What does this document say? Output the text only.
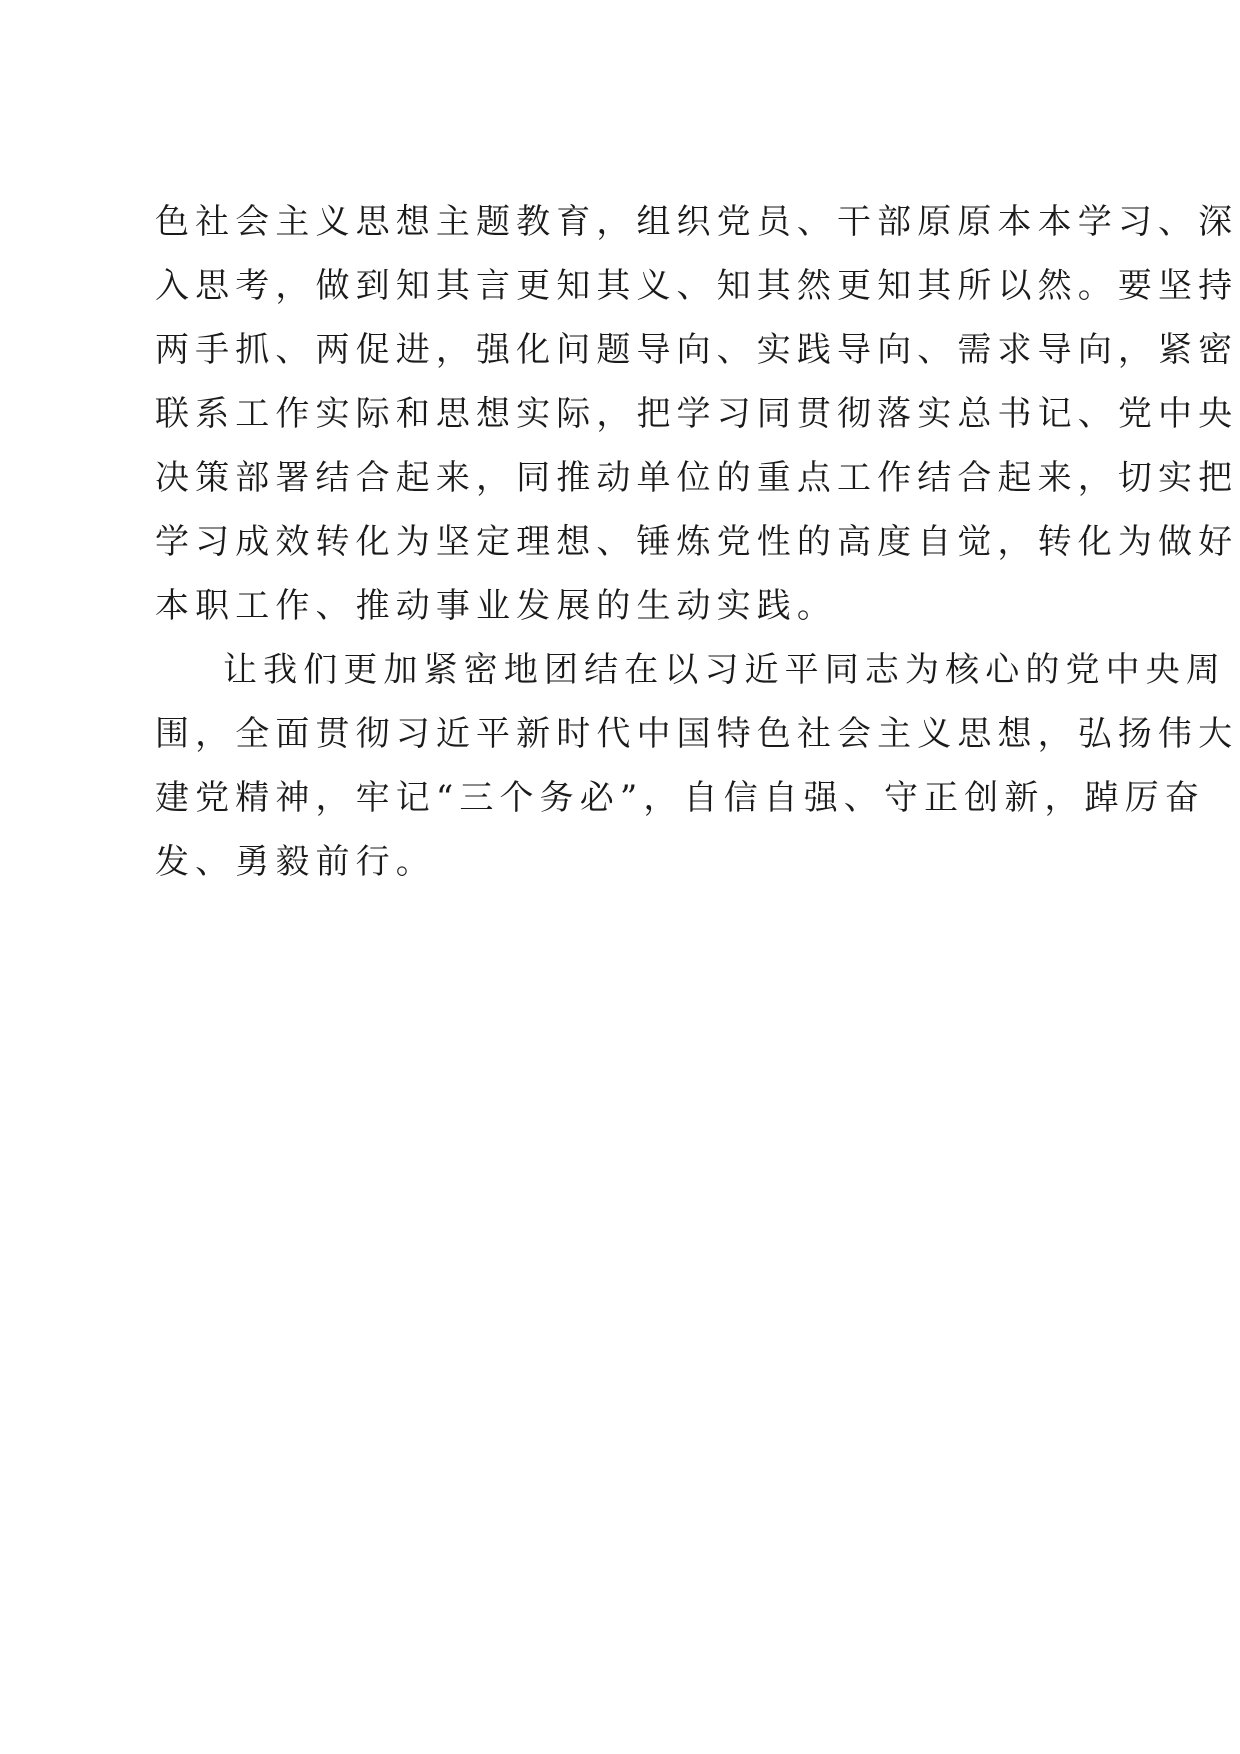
色社会主义思想主题教育，组织党员、干部原原本本学习、深
入思考，做到知其言更知其义、知其然更知其所以然。要坚持
两手抓、两促进，强化问题导向、实践导向、需求导向，紧密
联系工作实际和思想实际，把学习同贯彻落实总书记、党中央
决策部署结合起来，同推动单位的重点工作结合起来，切实把
学习成效转化为坚定理想、锤炼党性的高度自觉，转化为做好
本职工作、推动事业发展的生动实践。
让我们更加紧密地团结在以习近平同志为核心的党中央周
围，全面贯彻习近平新时代中国特色社会主义思想，弘扬伟大
建党精神，牢记“三个务必”，自信自强、守正创新，踔厉奋
发、勇毅前行。
